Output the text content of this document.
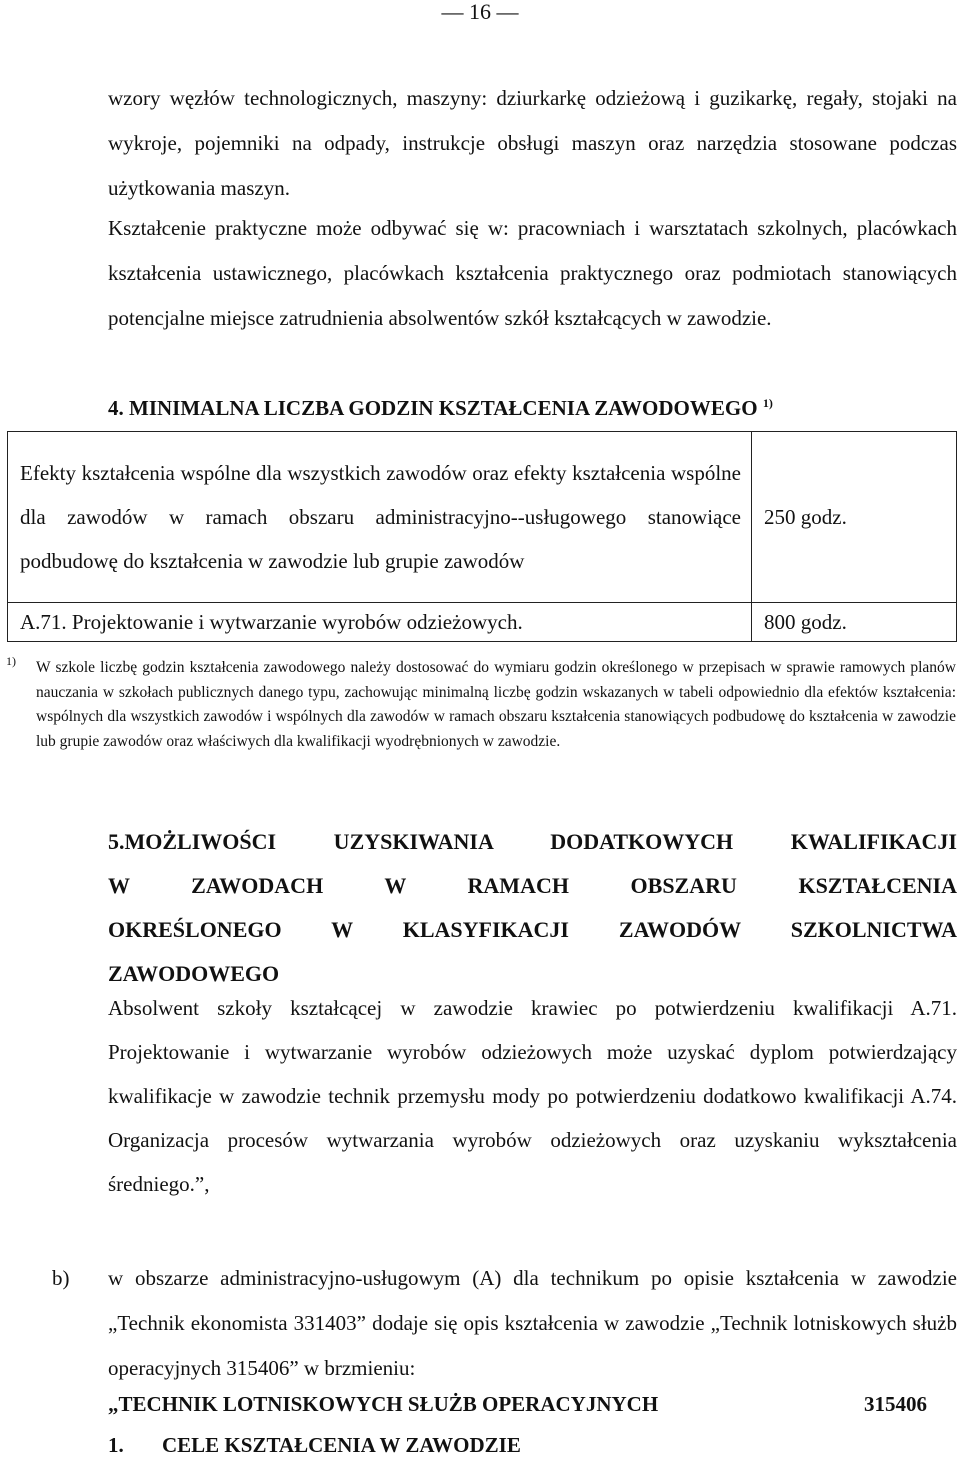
— 16 —
wzory węzłów technologicznych, maszyny: dziurkarkę odzieżową i guzikarkę, regały, stojaki na wykroje, pojemniki na odpady, instrukcje obsługi maszyn oraz narzędzia stosowane podczas użytkowania maszyn.
Kształcenie praktyczne może odbywać się w: pracowniach i warsztatach szkolnych, placówkach kształcenia ustawicznego, placówkach kształcenia praktycznego oraz podmiotach stanowiących potencjalne miejsce zatrudnienia absolwentów szkół kształcących w zawodzie.
4. MINIMALNA LICZBA GODZIN KSZTAŁCENIA ZAWODOWEGO $^{1)}$
Efekty kształcenia wspólne dla wszystkich zawodów oraz efekty kształcenia wspólne dla zawodów w ramach obszaru administracyjno--usługowego stanowiące podbudowę do kształcenia w zawodzie lub grupie zawodów	250 godz.

A.71. Projektowanie i wytwarzanie wyrobów odzieżowych.	800 godz.
1) W szkole liczbę godzin kształcenia zawodowego należy dostosować do wymiaru godzin określonego w przepisach w sprawie ramowych planów nauczania w szkołach publicznych danego typu, zachowując minimalną liczbę godzin wskazanych w tabeli odpowiednio dla efektów kształcenia: wspólnych dla wszystkich zawodów i wspólnych dla zawodów w ramach obszaru kształcenia stanowiących podbudowę do kształcenia w zawodzie lub grupie zawodów oraz właściwych dla kwalifikacji wyodrębnionych w zawodzie.
5.MOŻLIWOŚCI UZYSKIWANIA DODATKOWYCH KWALIFIKACJI
W ZAWODACH W RAMACH OBSZARU KSZTAŁCENIA
OKREŚLONEGO W KLASYFIKACJI ZAWODÓW SZKOLNICTWA
ZAWODOWEGO
Absolwent szkoły kształcącej w zawodzie krawiec po potwierdzeniu kwalifikacji A.71. Projektowanie i wytwarzanie wyrobów odzieżowych może uzyskać dyplom potwierdzający kwalifikacje w zawodzie technik przemysłu mody po potwierdzeniu dodatkowo kwalifikacji A.74. Organizacja procesów wytwarzania wyrobów odzieżowych oraz uzyskaniu wykształcenia średniego.”,
b) w obszarze administracyjno-usługowym (A) dla technikum po opisie kształcenia w zawodzie „Technik ekonomista 331403” dodaje się opis kształcenia w zawodzie „Technik lotniskowych służb operacyjnych 315406” w brzmieniu:
„TECHNIK LOTNISKOWYCH SŁUŻB OPERACYJNYCH	315406
1. CELE KSZTAŁCENIA W ZAWODZIE
